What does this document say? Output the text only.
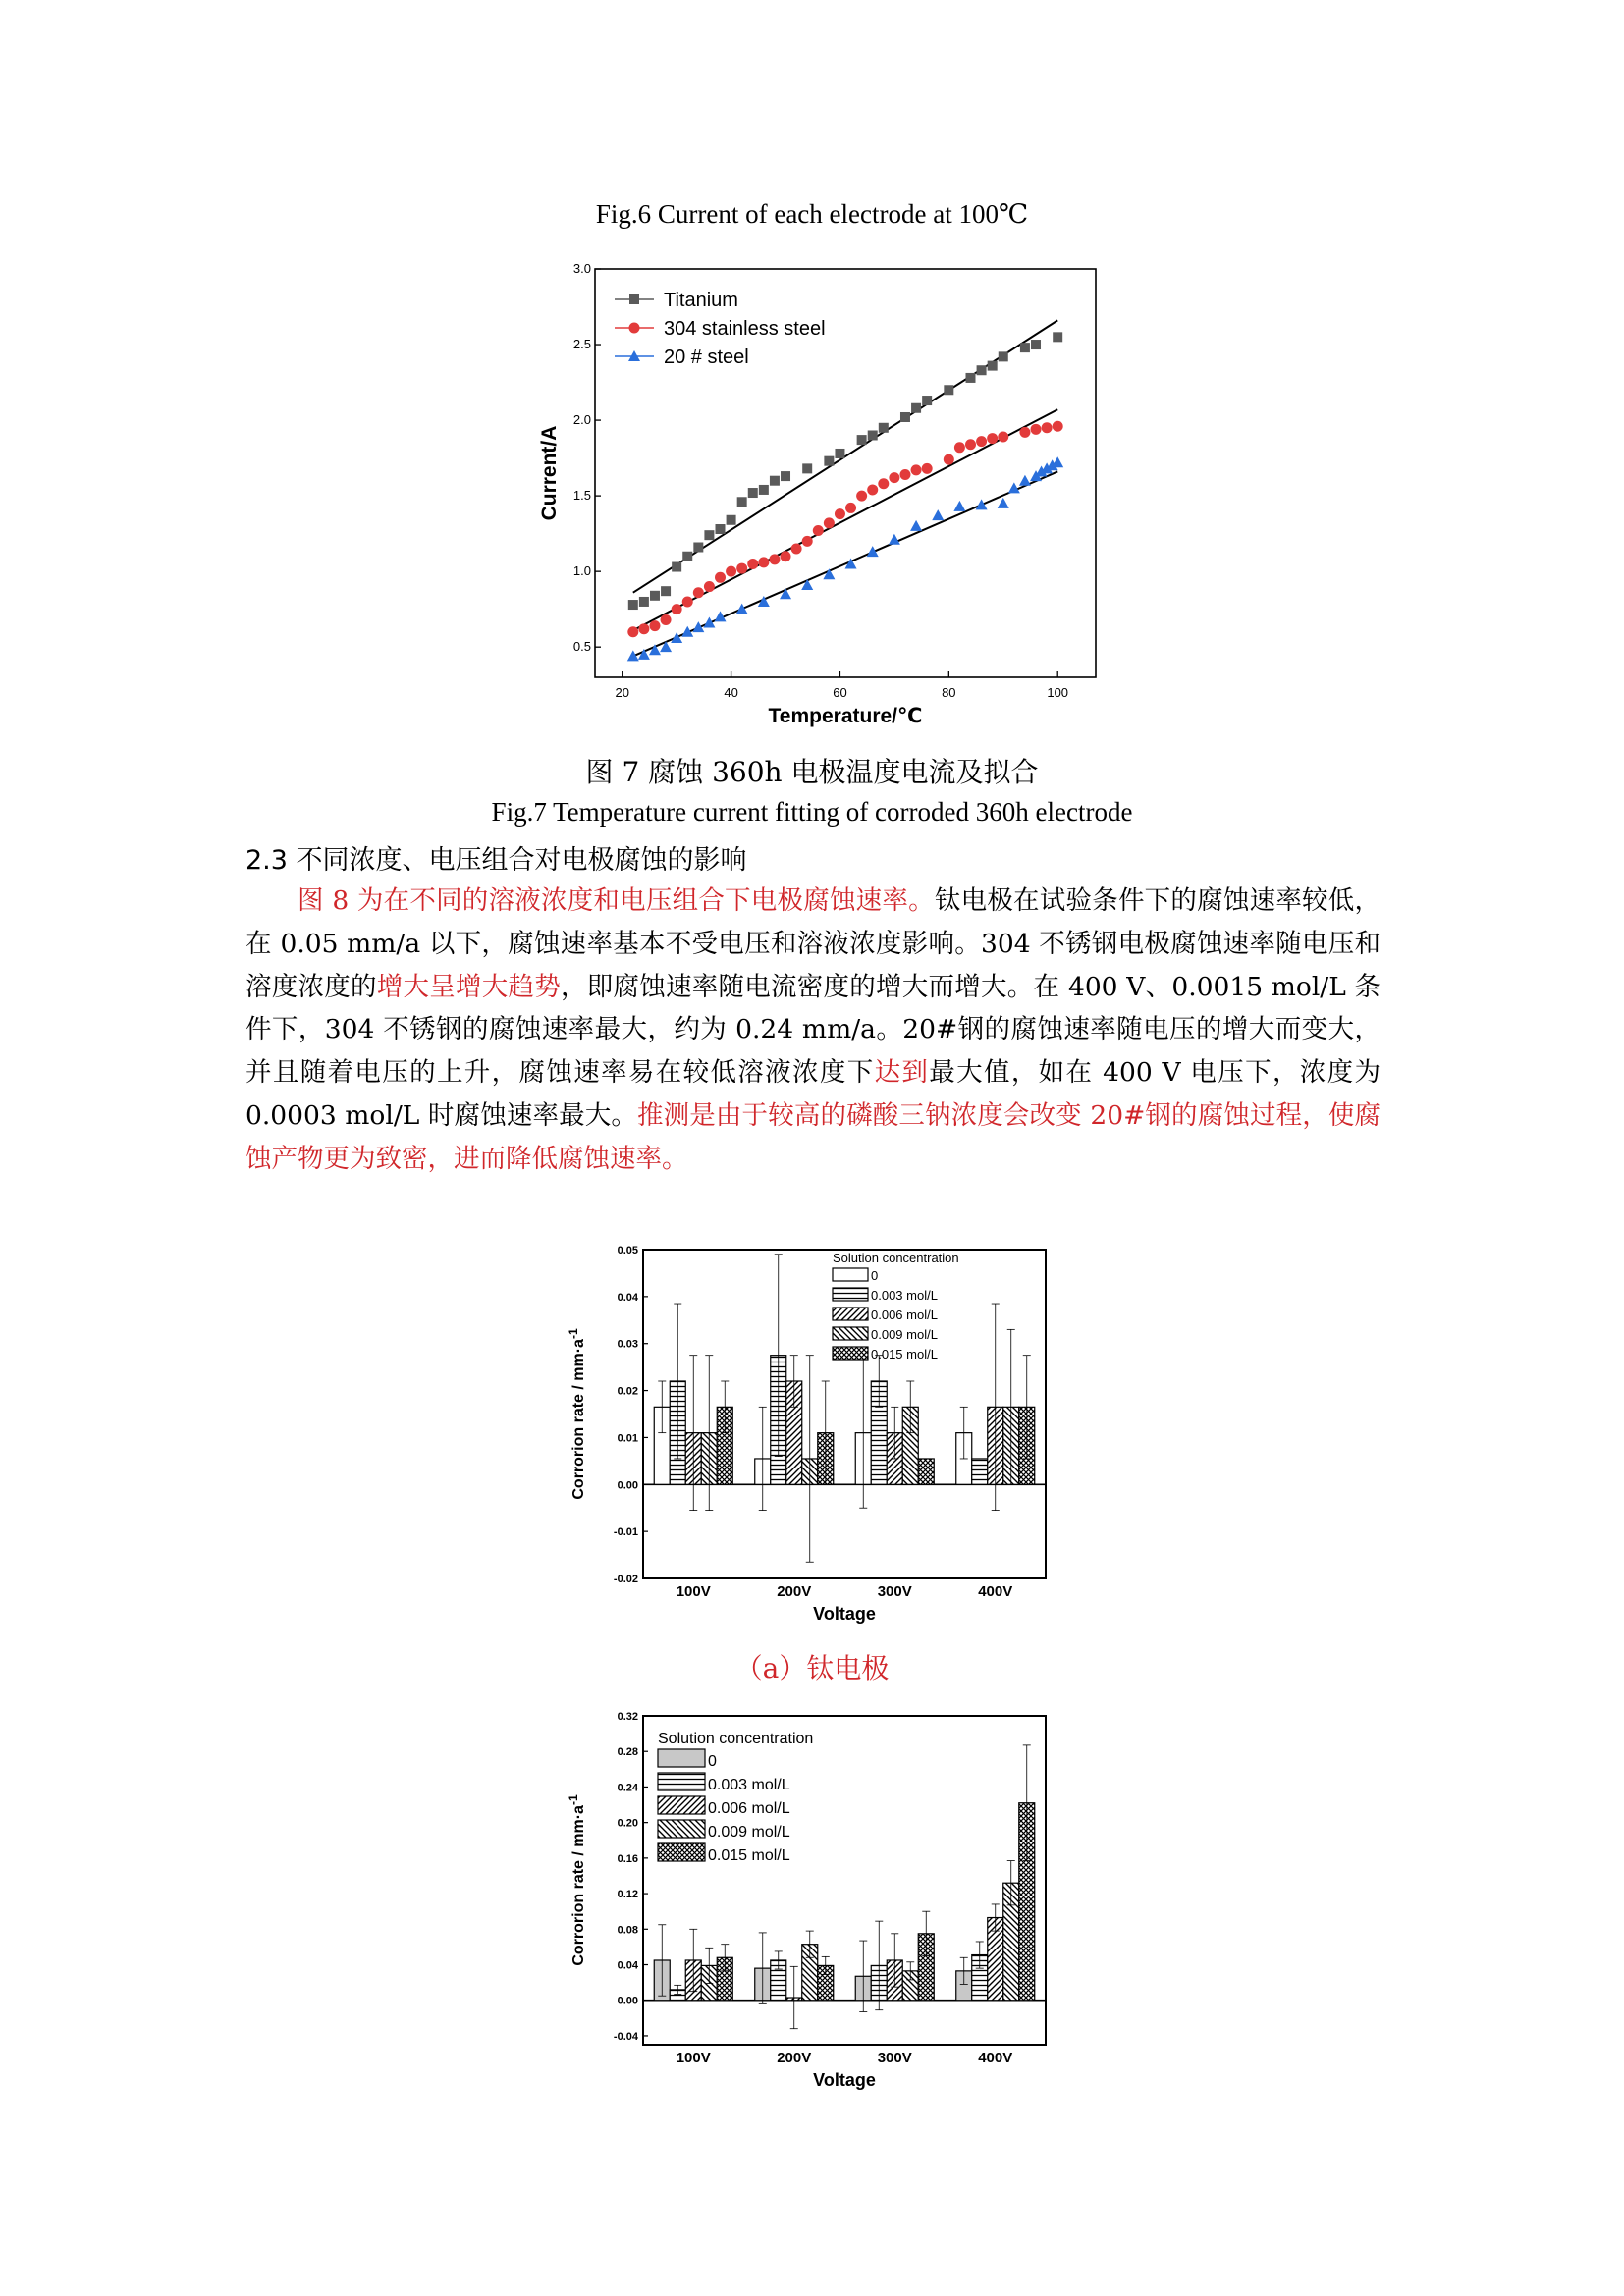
Fig.6 Current of each electrode at 100℃
20	40	60	80	100
0.5
1.0
1.5
2.0
2.5
3.0
Temperature/℃
Current/A
Titanium
304 stainless steel
20 # steel
图 7 腐蚀 360h 电极温度电流及拟合
Fig.7 Temperature current fitting of corroded 360h electrode
2.3 不同浓度、电压组合对电极腐蚀的影响
图 8 为在不同的溶液浓度和电压组合下电极腐蚀速率。钛电极在试验条件下的腐蚀速率较低，在 0.05 mm/a 以下，腐蚀速率基本不受电压和溶液浓度影响。304 不锈钢电极腐蚀速率随电压和溶度浓度的增大呈增大趋势，即腐蚀速率随电流密度的增大而增大。在 400 V、0.0015 mol/L 条件下，304 不锈钢的腐蚀速率最大，约为 0.24 mm/a。20#钢的腐蚀速率随电压的增大而变大，并且随着电压的上升，腐蚀速率易在较低溶液浓度下达到最大值，如在 400 V 电压下，浓度为 0.0003 mol/L 时腐蚀速率最大。推测是由于较高的磷酸三钠浓度会改变 20#钢的腐蚀过程，使腐蚀产物更为致密，进而降低腐蚀速率。
-0.02
-0.01
0.00
0.01
0.02
0.03
0.04
0.05
100V	200V	300V	400V
Voltage
Corrorion rate / $mm\cdot a^{-1}$
Solution concentration
0
0.003 mol/L
0.006 mol/L
0.009 mol/L
0.015 mol/L
（a）钛电极
-0.04
0.00
0.04
0.08
0.12
0.16
0.20
0.24
0.28
0.32
100V	200V	300V	400V
Voltage
Corrorion rate / $mm\cdot a^{-1}$
Solution concentration
0
0.003 mol/L
0.006 mol/L
0.009 mol/L
0.015 mol/L
